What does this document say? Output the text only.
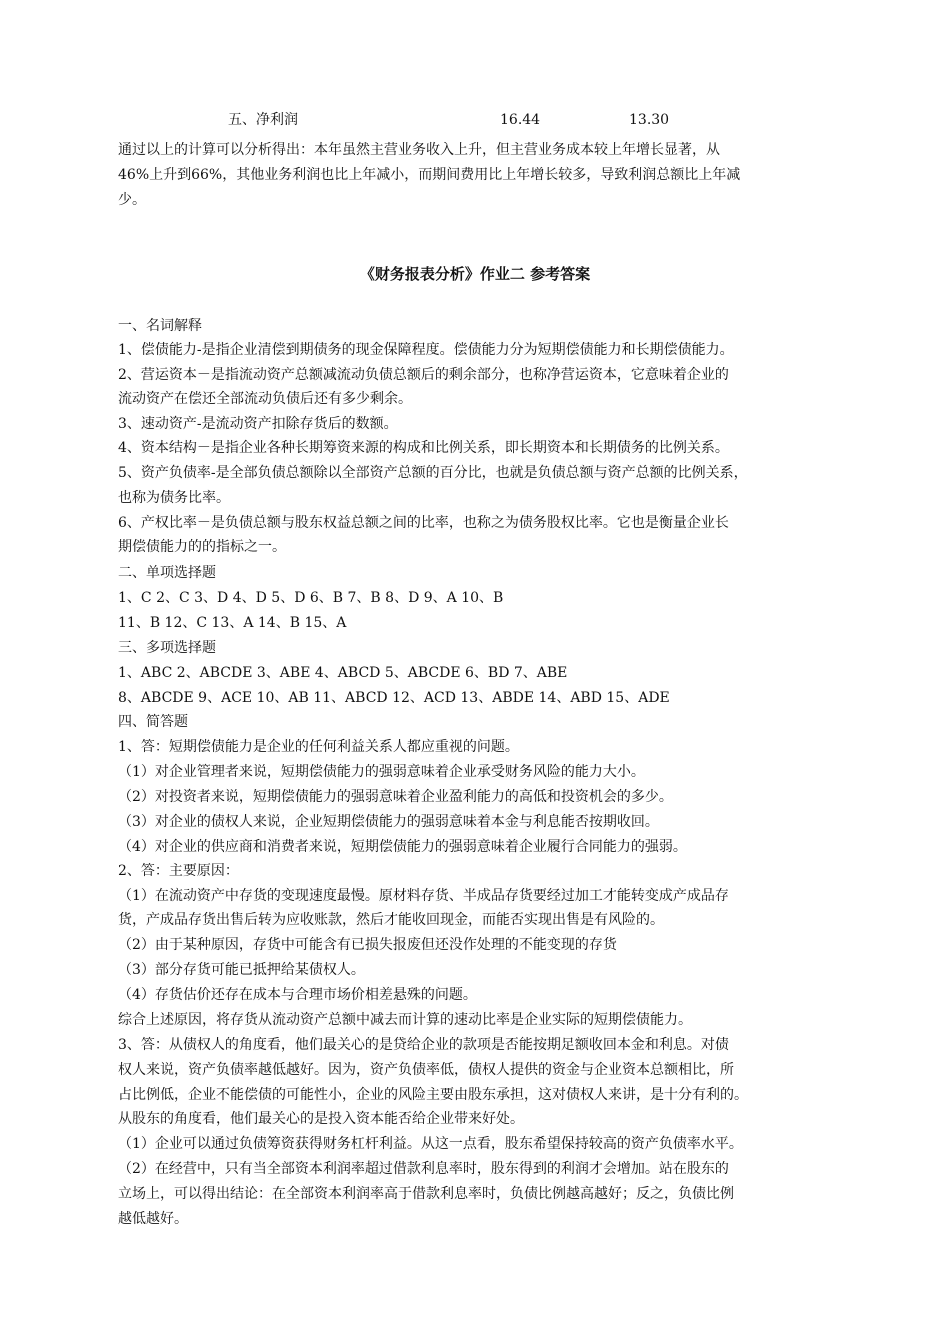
五、净利润	16.44	13.30
通过以上的计算可以分析得出：本年虽然主营业务收入上升，但主营业务成本较上年增长显著，从
46%上升到66%，其他业务利润也比上年减小，而期间费用比上年增长较多，导致利润总额比上年减
少。
《财务报表分析》作业二 参考答案
一、名词解释
1、偿债能力-是指企业清偿到期债务的现金保障程度。偿债能力分为短期偿债能力和长期偿债能力。
2、营运资本－是指流动资产总额减流动负债总额后的剩余部分，也称净营运资本，它意味着企业的
流动资产在偿还全部流动负债后还有多少剩余。
3、速动资产-是流动资产扣除存货后的数额。
4、资本结构－是指企业各种长期筹资来源的构成和比例关系，即长期资本和长期债务的比例关系。
5、资产负债率-是全部负债总额除以全部资产总额的百分比，也就是负债总额与资产总额的比例关系，
也称为债务比率。
6、产权比率－是负债总额与股东权益总额之间的比率，也称之为债务股权比率。它也是衡量企业长
期偿债能力的的指标之一。
二、单项选择题
1、C 2、C 3、D 4、D 5、D 6、B 7、B 8、D 9、A 10、B
11、B 12、C 13、A 14、B 15、A
三、多项选择题
1、ABC 2、ABCDE 3、ABE 4、ABCD 5、ABCDE 6、BD 7、ABE
8、ABCDE 9、ACE 10、AB 11、ABCD 12、ACD 13、ABDE 14、ABD 15、ADE
四、简答题
1、答：短期偿债能力是企业的任何利益关系人都应重视的问题。
（1）对企业管理者来说，短期偿债能力的强弱意味着企业承受财务风险的能力大小。
（2）对投资者来说，短期偿债能力的强弱意味着企业盈利能力的高低和投资机会的多少。
（3）对企业的债权人来说，企业短期偿债能力的强弱意味着本金与利息能否按期收回。
（4）对企业的供应商和消费者来说，短期偿债能力的强弱意味着企业履行合同能力的强弱。
2、答：主要原因：
（1）在流动资产中存货的变现速度最慢。原材料存货、半成品存货要经过加工才能转变成产成品存
货，产成品存货出售后转为应收账款，然后才能收回现金，而能否实现出售是有风险的。
（2）由于某种原因，存货中可能含有已损失报废但还没作处理的不能变现的存货
（3）部分存货可能已抵押给某债权人。
（4）存货估价还存在成本与合理市场价相差悬殊的问题。
综合上述原因，将存货从流动资产总额中减去而计算的速动比率是企业实际的短期偿债能力。
3、答：从债权人的角度看，他们最关心的是贷给企业的款项是否能按期足额收回本金和利息。对债
权人来说，资产负债率越低越好。因为，资产负债率低，债权人提供的资金与企业资本总额相比，所
占比例低，企业不能偿债的可能性小，企业的风险主要由股东承担，这对债权人来讲，是十分有利的。
从股东的角度看，他们最关心的是投入资本能否给企业带来好处。
（1）企业可以通过负债筹资获得财务杠杆利益。从这一点看，股东希望保持较高的资产负债率水平。
（2）在经营中，只有当全部资本利润率超过借款利息率时，股东得到的利润才会增加。站在股东的
立场上，可以得出结论：在全部资本利润率高于借款利息率时，负债比例越高越好；反之，负债比例
越低越好。
